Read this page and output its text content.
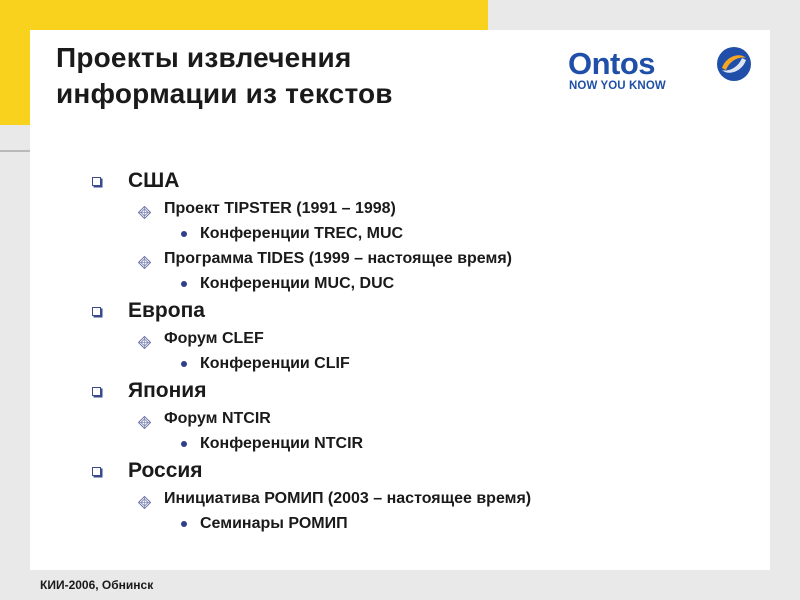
Проекты извлечения
информации из текстов
Ontos
NOW YOU KNOW
США
Проект TIPSTER (1991 – 1998)
Конференции TREC, MUC
Программа TIDES (1999 – настоящее время)
Конференции MUC, DUC
Европа
Форум CLEF
Конференции CLIF
Япония
Форум NTCIR
Конференции NTCIR
Россия
Инициатива РОМИП (2003 – настоящее время)
Семинары РОМИП
КИИ-2006, Обнинск
